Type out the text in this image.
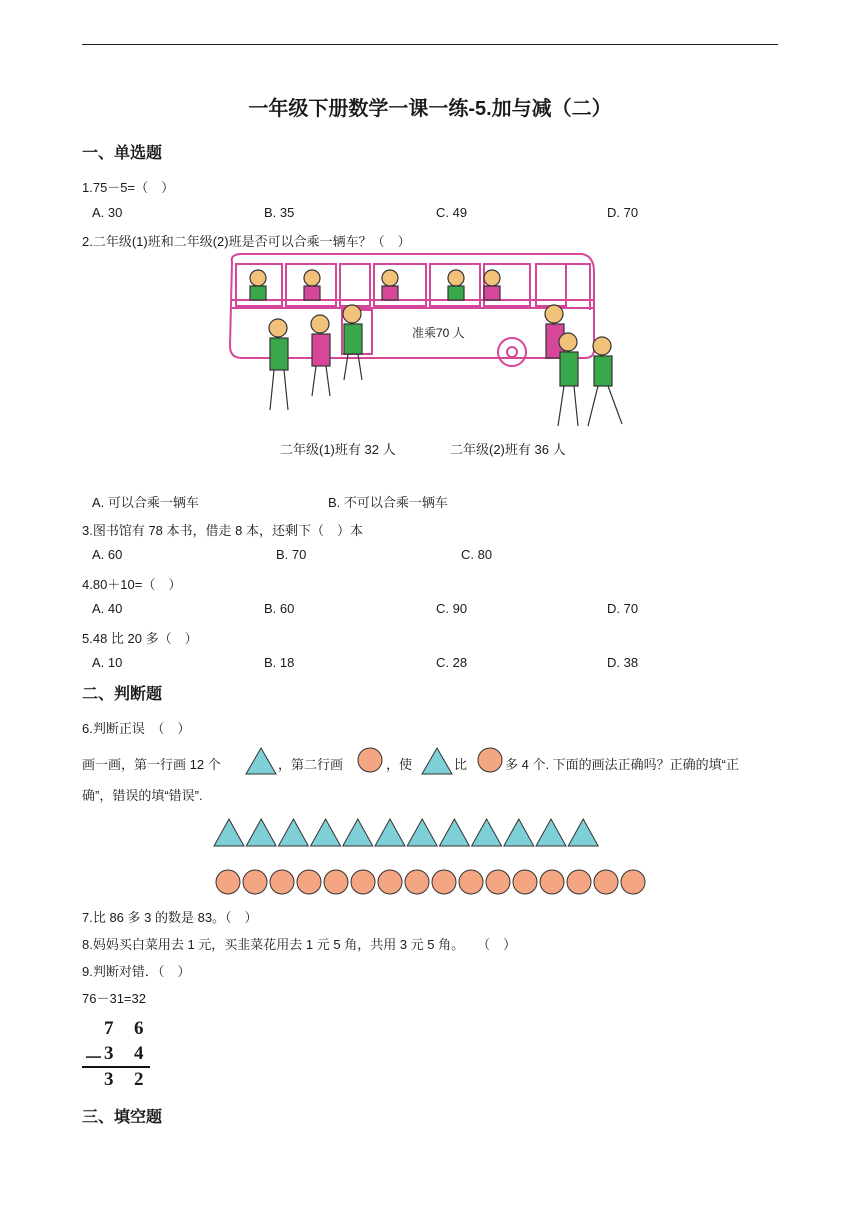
一年级下册数学一课一练-5.加与减（二）
一、单选题
1.75－5=（　）
A. 30	B. 35	C. 49	D. 70
2.二年级(1)班和二年级(2)班是否可以合乘一辆车？（　）
准乘70 人
二年级(1)班有 32 人	二年级(2)班有 36 人
A. 可以合乘一辆车	B. 不可以合乘一辆车
3.图书馆有 78 本书，借走 8 本，还剩下（　）本
A. 60	B. 70	C. 80
4.80＋10=（　）
A. 40	B. 60	C. 90	D. 70
5.48 比 20 多（　）
A. 10	B. 18	C. 28	D. 38
二、判断题
6.判断正误　（　）
画一画，第一行画 12 个	，第二行画	，使	比	多 4 个. 下面的画法正确吗？正确的填“正
确”，错误的填“错误”.
7.比 86 多 3 的数是 83。（　）
8.妈妈买白菜用去 1 元，买韭菜花用去 1 元 5 角，共用 3 元 5 角。　　（　）
9.判断对错．（　）
76－31=32
7 6
－ 3 4
3 2
三、填空题
